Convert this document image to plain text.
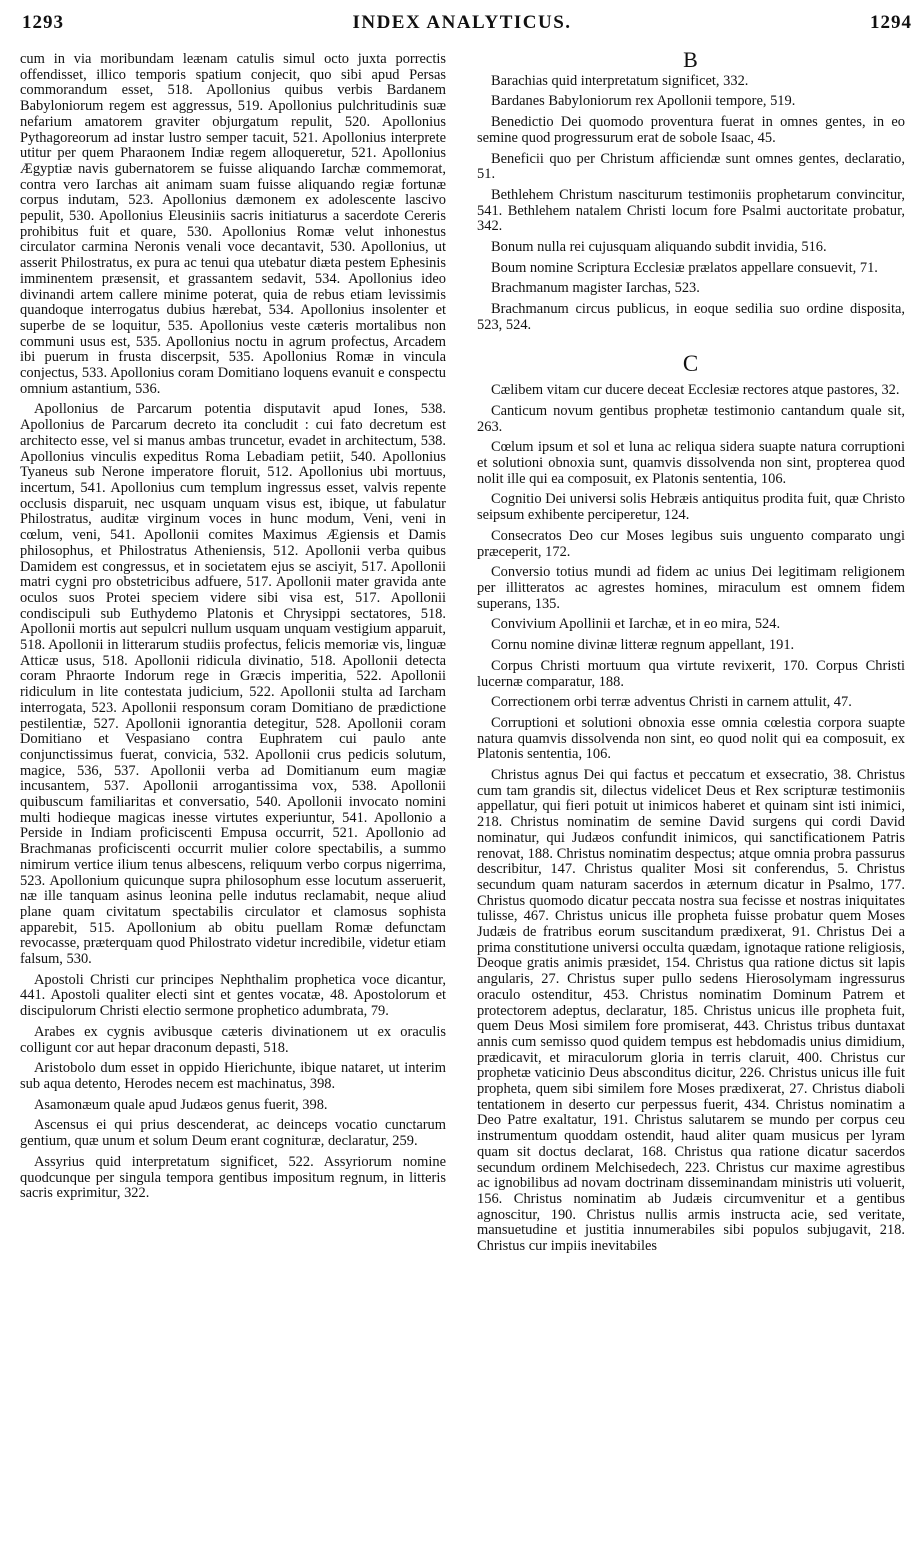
1293	INDEX ANALYTICUS.	1294

cum in via moribundam leænam catulis simul octo juxta porrectis offendisset, illico temporis spatium conjecit, quo sibi apud Persas commorandum esset, 518. Apollonius quibus verbis Bardanem Babyloniorum regem est aggressus, 519. Apollonius pulchritudinis suæ nefarium amatorem graviter objurgatum repulit, 520. Apollonius Pythagoreorum ad instar lustro semper tacuit, 521. Apollonius interprete utitur per quem Pharaonem Indiæ regem alloqueretur, 521. Apollonius Ægyptiæ navis gubernatorem se fuisse aliquando Iarchæ commemorat, contra vero Iarchas ait animam suam fuisse aliquando regiæ fortunæ corpus indutam, 523. Apollonius dæmonem ex adolescente lascivo pepulit, 530. Apollonius Eleusiniis sacris initiaturus a sacerdote Cereris prohibitus fuit et quare, 530. Apollonius Romæ velut inhonestus circulator carmina Neronis venali voce decantavit, 530. Apollonius, ut asserit Philostratus, ex pura ac tenui qua utebatur diæta pestem Ephesinis imminentem præsensit, et grassantem sedavit, 534. Apollonius ideo divinandi artem callere minime poterat, quia de rebus etiam levissimis quandoque interrogatus dubius hærebat, 534. Apollonius insolenter et superbe de se loquitur, 535. Apollonius veste cæteris mortalibus non communi usus est, 535. Apollonius noctu in agrum profectus, Arcadem ibi puerum in frusta discerpsit, 535. Apollonius Romæ in vincula conjectus, 533. Apollonius coram Domitiano loquens evanuit e conspectu omnium astantium, 536.

Apollonius de Parcarum potentia disputavit apud Iones, 538. Apollonius de Parcarum decreto ita concludit : cui fato decretum est architecto esse, vel si manus ambas truncetur, evadet in architectum, 538. Apollonius vinculis expeditus Roma Lebadiam petiit, 540. Apollonius Tyaneus sub Nerone imperatore floruit, 512. Apollonius ubi mortuus, incertum, 541. Apollonius cum templum ingressus esset, valvis repente occlusis disparuit, nec usquam unquam visus est, ibique, ut fabulatur Philostratus, auditæ virginum voces in hunc modum, Veni, veni in cœlum, veni, 541. Apollonii comites Maximus Ægiensis et Damis philosophus, et Philostratus Atheniensis, 512. Apollonii verba quibus Damidem est congressus, et in societatem ejus se asciyit, 517. Apollonii matri cygni pro obstetricibus adfuere, 517. Apollonii mater gravida ante oculos suos Protei speciem videre sibi visa est, 517. Apollonii condiscipuli sub Euthydemo Platonis et Chrysippi sectatores, 518. Apollonii mortis aut sepulcri nullum usquam unquam vestigium apparuit, 518. Apollonii in litterarum studiis profectus, felicis memoriæ vis, linguæ Atticæ usus, 518. Apollonii ridicula divinatio, 518. Apollonii detecta coram Phraorte Indorum rege in Græcis imperitia, 522. Apollonii ridiculum in lite contestata judicium, 522. Apollonii stulta ad Iarcham interrogata, 523. Apollonii responsum coram Domitiano de prædictione pestilentiæ, 527. Apollonii ignorantia detegitur, 528. Apollonii coram Domitiano et Vespasiano contra Euphratem cui paulo ante conjunctissimus fuerat, convicia, 532. Apollonii crus pedicis solutum, magice, 536, 537. Apollonii verba ad Domitianum eum magiæ incusantem, 537. Apollonii arrogantissima vox, 538. Apollonii quibuscum familiaritas et conversatio, 540. Apollonii invocato nomini multi hodieque magicas inesse virtutes experiuntur, 541. Apollonio a Perside in Indiam proficiscenti Empusa occurrit, 521. Apollonio ad Brachmanas proficiscenti occurrit mulier colore spectabilis, a summo nimirum vertice ilium tenus albescens, reliquum verbo corpus nigerrima, 523. Apollonium quicunque supra philosophum esse locutum asseruerit, næ ille tanquam asinus leonina pelle indutus reclamabit, neque aliud plane quam civitatum spectabilis circulator et clamosus sophista apparebit, 515. Apollonium ab obitu puellam Romæ defunctam revocasse, præterquam quod Philostrato videtur incredibile, videtur etiam falsum, 530.

Apostoli Christi cur principes Nephthalim prophetica voce dicantur, 441. Apostoli qualiter electi sint et gentes vocatæ, 48. Apostolorum et discipulorum Christi electio sermone prophetico adumbrata, 79.

Arabes ex cygnis avibusque cæteris divinationem ut ex oraculis colligunt cor aut hepar draconum depasti, 518.

Aristobolo dum esset in oppido Hierichunte, ibique nataret, ut interim sub aqua detento, Herodes necem est machinatus, 398.

Asamonæum quale apud Judæos genus fuerit, 398.

Ascensus ei qui prius descenderat, ac deinceps vocatio cunctarum gentium, quæ unum et solum Deum erant cognituræ, declaratur, 259.

Assyrius quid interpretatum significet, 522. Assyriorum nomine quodcunque per singula tempora gentibus impositum regnum, in litteris sacris exprimitur, 322.

B

Barachias quid interpretatum significet, 332.

Bardanes Babyloniorum rex Apollonii tempore, 519.

Benedictio Dei quomodo proventura fuerat in omnes gentes, in eo semine quod progressurum erat de sobole Isaac, 45.

Beneficii quo per Christum afficiendæ sunt omnes gentes, declaratio, 51.

Bethlehem Christum nasciturum testimoniis prophetarum convincitur, 541. Bethlehem natalem Christi locum fore Psalmi auctoritate probatur, 342.

Bonum nulla rei cujusquam aliquando subdit invidia, 516.

Boum nomine Scriptura Ecclesiæ prælatos appellare consuevit, 71.

Brachmanum magister Iarchas, 523.

Brachmanum circus publicus, in eoque sedilia suo ordine disposita, 523, 524.

C

Cælibem vitam cur ducere deceat Ecclesiæ rectores atque pastores, 32.

Canticum novum gentibus prophetæ testimonio cantandum quale sit, 263.

Cœlum ipsum et sol et luna ac reliqua sidera suapte natura corruptioni et solutioni obnoxia sunt, quamvis dissolvenda non sint, propterea quod nolit ille qui ea composuit, ex Platonis sententia, 106.

Cognitio Dei universi solis Hebræis antiquitus prodita fuit, quæ Christo seipsum exhibente perciperetur, 124.

Consecratos Deo cur Moses legibus suis unguento comparato ungi præceperit, 172.

Conversio totius mundi ad fidem ac unius Dei legitimam religionem per illitteratos ac agrestes homines, miraculum est omnem fidem superans, 135.

Convivium Apollinii et Iarchæ, et in eo mira, 524.

Cornu nomine divinæ litteræ regnum appellant, 191.

Corpus Christi mortuum qua virtute revixerit, 170. Corpus Christi lucernæ comparatur, 188.

Correctionem orbi terræ adventus Christi in carnem attulit, 47.

Corruptioni et solutioni obnoxia esse omnia cœlestia corpora suapte natura quamvis dissolvenda non sint, eo quod nolit qui ea composuit, ex Platonis sententia, 106.

Christus agnus Dei qui factus et peccatum et exsecratio, 38. Christus cum tam grandis sit, dilectus videlicet Deus et Rex scripturæ testimoniis appellatur, qui fieri potuit ut inimicos haberet et quinam sint isti inimici, 218. Christus nominatim de semine David surgens qui cordi David nominatur, qui Judæos confundit inimicos, qui sanctificationem Patris renovat, 188. Christus nominatim despectus; atque omnia probra passurus describitur, 147. Christus qualiter Mosi sit conferendus, 5. Christus secundum quam naturam sacerdos in æternum dicatur in Psalmo, 177. Christus quomodo dicatur peccata nostra sua fecisse et nostras iniquitates tulisse, 467. Christus unicus ille propheta fuisse probatur quem Moses Judæis de fratribus eorum suscitandum prædixerat, 91. Christus Dei a prima constitutione universi occulta quædam, ignotaque ratione religiosis, Deoque gratis animis præsidet, 154. Christus qua ratione dictus sit lapis angularis, 27. Christus super pullo sedens Hierosolymam ingressurus oraculo ostenditur, 453. Christus nominatim Dominum Patrem et protectorem adeptus, declaratur, 185. Christus unicus ille propheta fuit, quem Deus Mosi similem fore promiserat, 443. Christus tribus duntaxat annis cum semisso quod quidem tempus est hebdomadis unius dimidium, prædicavit, et miraculorum gloria in terris claruit, 400. Christus cur prophetæ vaticinio Deus absconditus dicitur, 226. Christus unicus ille fuit propheta, quem sibi similem fore Moses prædixerat, 27. Christus diaboli tentationem in deserto cur perpessus fuerit, 434. Christus nominatim a Deo Patre exaltatur, 191. Christus salutarem se mundo per corpus ceu instrumentum quoddam ostendit, haud aliter quam musicus per lyram quam sit doctus declarat, 168. Christus qua ratione dicatur sacerdos secundum ordinem Melchisedech, 223. Christus cur maxime agrestibus ac ignobilibus ad novam doctrinam disseminandam ministris uti voluerit, 156. Christus nominatim ab Judæis circumvenitur et a gentibus agnoscitur, 190. Christus nullis armis instructa acie, sed veritate, mansuetudine et justitia innumerabiles sibi populos subjugavit, 218. Christus cur impiis inevitabiles
